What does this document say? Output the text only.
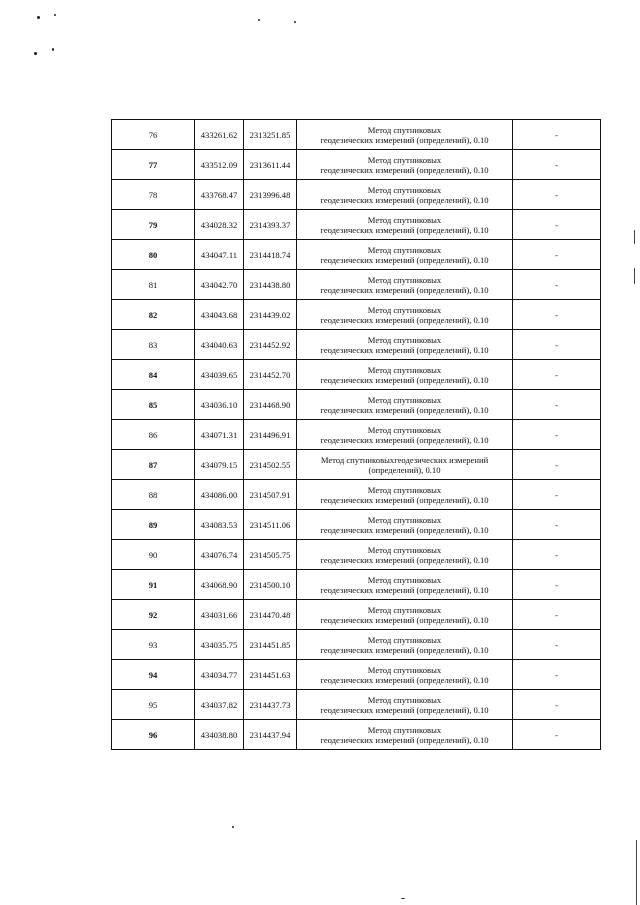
76	433261.62	2313251.85	Метод спутниковых
геодезических измерений (определений), 0.10	-
77	433512.09	2313611.44	Метод спутниковых
геодезических измерений (определений), 0.10	-
78	433768.47	2313996.48	Метод спутниковых
геодезических измерений (определений), 0.10	-
79	434028.32	2314393.37	Метод спутниковых
геодезических измерений (определений), 0.10	-
80	434047.11	2314418.74	Метод спутниковых
геодезических измерений (определений), 0.10	-
81	434042.70	2314438.80	Метод спутниковых
геодезических измерений (определений), 0.10	-
82	434043.68	2314439.02	Метод спутниковых
геодезических измерений (определений), 0.10	-
83	434040.63	2314452.92	Метод спутниковых
геодезических измерений (определений), 0.10	-
84	434039.65	2314452.70	Метод спутниковых
геодезических измерений (определений), 0.10	-
85	434036.10	2314468.90	Метод спутниковых
геодезических измерений (определений), 0.10	-
86	434071.31	2314496.91	Метод спутниковых
геодезических измерений (определений), 0.10	-
87	434079.15	2314502.55	Метод спутниковыхгеодезических измерений
(определений), 0.10	-
88	434086.00	2314507.91	Метод спутниковых
геодезических измерений (определений), 0.10	-
89	434083.53	2314511.06	Метод спутниковых
геодезических измерений (определений), 0.10	-
90	434076.74	2314505.75	Метод спутниковых
геодезических измерений (определений), 0.10	-
91	434068.90	2314500.10	Метод спутниковых
геодезических измерений (определений), 0.10	-
92	434031.66	2314470.48	Метод спутниковых
геодезических измерений (определений), 0.10	-
93	434035.75	2314451.85	Метод спутниковых
геодезических измерений (определений), 0.10	-
94	434034.77	2314451.63	Метод спутниковых
геодезических измерений (определений), 0.10	-
95	434037.82	2314437.73	Метод спутниковых
геодезических измерений (определений), 0.10	-
96	434038.80	2314437.94	Метод спутниковых
геодезических измерений (определений), 0.10	-
